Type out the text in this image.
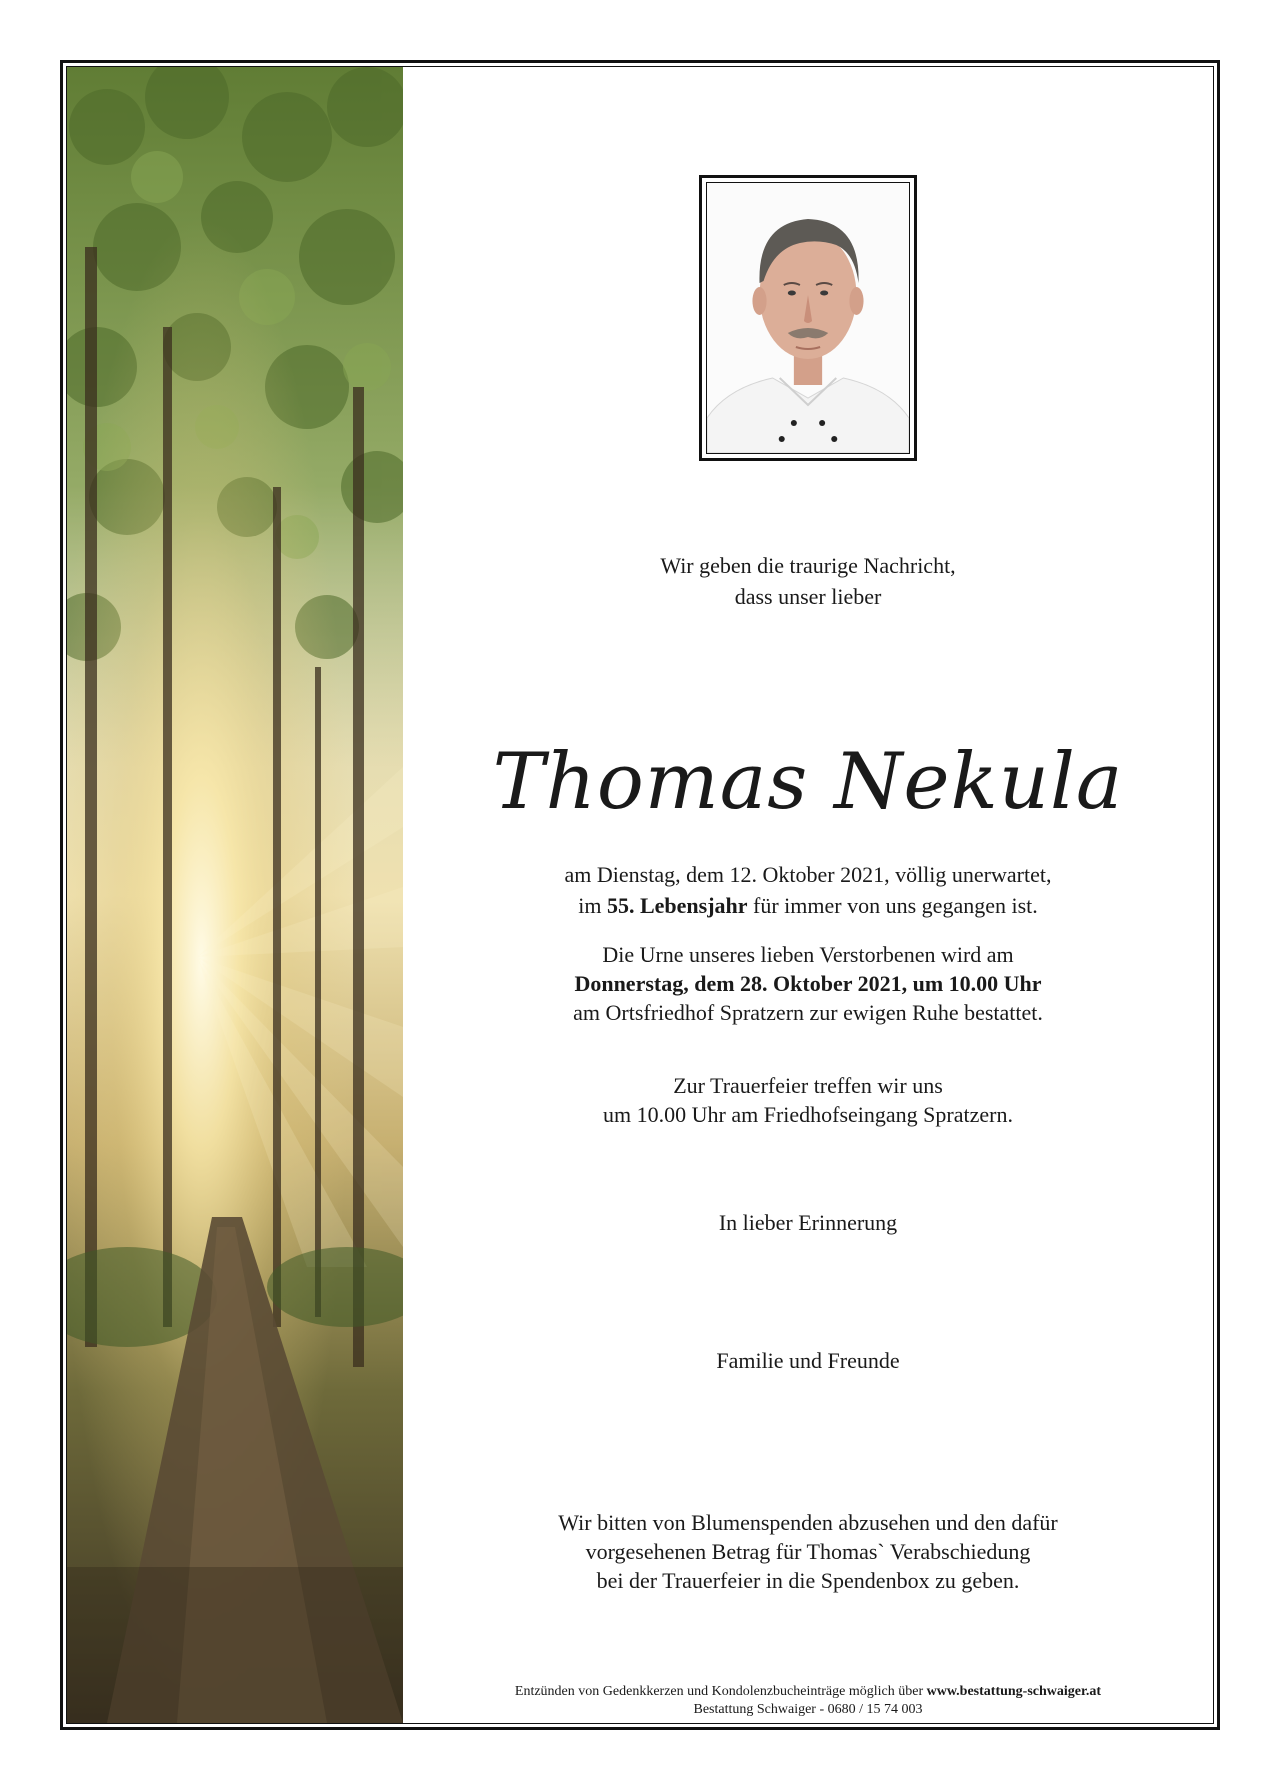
Wir geben die traurige Nachricht,
dass unser lieber
Thomas Nekula
am Dienstag, dem 12. Oktober 2021, völlig unerwartet,
im 55. Lebensjahr für immer von uns gegangen ist.
Die Urne unseres lieben Verstorbenen wird am
Donnerstag, dem 28. Oktober 2021, um 10.00 Uhr
am Ortsfriedhof Spratzern zur ewigen Ruhe bestattet.
Zur Trauerfeier treffen wir uns
um 10.00 Uhr am Friedhofseingang Spratzern.
In lieber Erinnerung
Familie und Freunde
Wir bitten von Blumenspenden abzusehen und den dafür
vorgesehenen Betrag für Thomas` Verabschiedung
bei der Trauerfeier in die Spendenbox zu geben.
Entzünden von Gedenkkerzen und Kondolenzbucheinträge möglich über www.bestattung-schwaiger.at
Bestattung Schwaiger - 0680 / 15 74 003
